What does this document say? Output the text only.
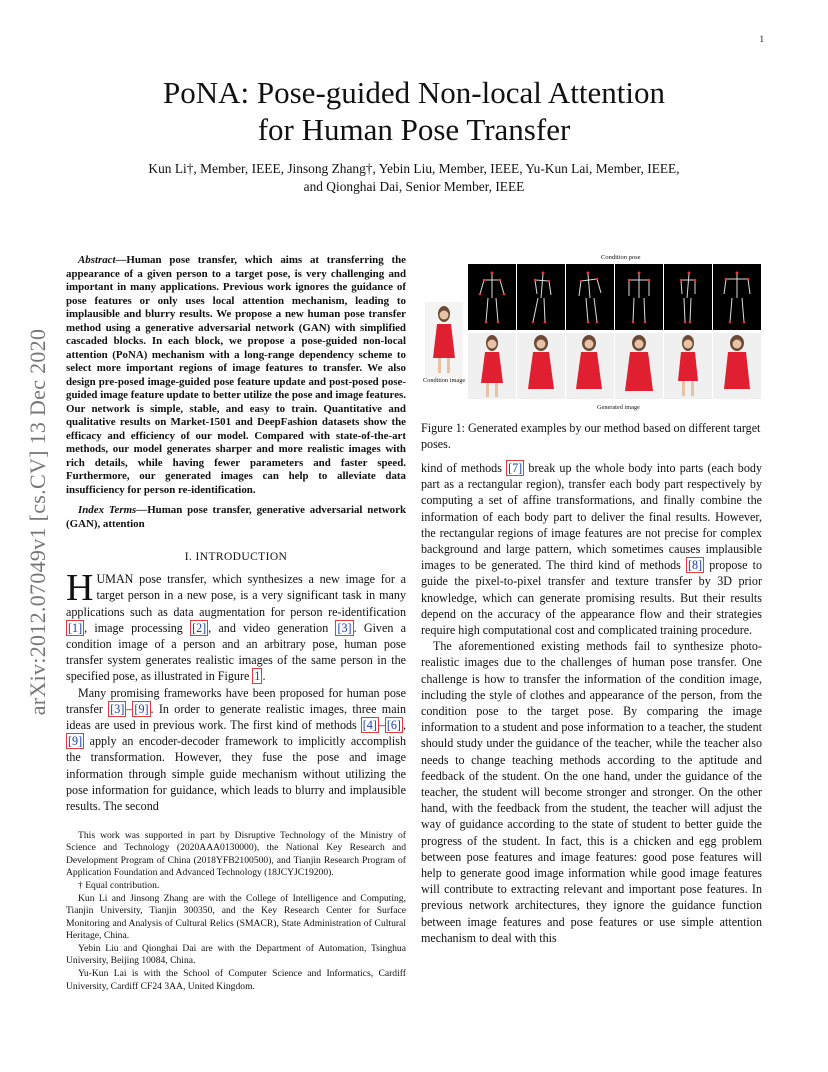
1
arXiv:2012.07049v1 [cs.CV] 13 Dec 2020
PoNA: Pose-guided Non-local Attention
for Human Pose Transfer
Kun Li†, Member, IEEE, Jinsong Zhang†, Yebin Liu, Member, IEEE, Yu-Kun Lai, Member, IEEE,
and Qionghai Dai, Senior Member, IEEE

Abstract—Human pose transfer, which aims at transferring the appearance of a given person to a target pose, is very challenging and important in many applications. Previous work ignores the guidance of pose features or only uses local attention mechanism, leading to implausible and blurry results. We propose a new human pose transfer method using a generative adversarial network (GAN) with simplified cascaded blocks. In each block, we propose a pose-guided non-local attention (PoNA) mechanism with a long-range dependency scheme to select more important regions of image features to transfer. We also design pre-posed image-guided pose feature update and post-posed pose-guided image feature update to better utilize the pose and image features. Our network is simple, stable, and easy to train. Quantitative and qualitative results on Market-1501 and DeepFashion datasets show the efficacy and efficiency of our model. Compared with state-of-the-art methods, our model generates sharper and more realistic images with rich details, while having fewer parameters and faster speed. Furthermore, our generated images can help to alleviate data insufficiency for person re-identification.

Index Terms—Human pose transfer, generative adversarial network (GAN), attention

I. INTRODUCTION

HUMAN pose transfer, which synthesizes a new image for a target person in a new pose, is a very significant task in many applications such as data augmentation for person re-identification [1] , image processing [2] , and video generation [3] . Given a condition image of a person and an arbitrary pose, human pose transfer system generates realistic images of the same person in the specified pose, as illustrated in Figure 1 .

Many promising frameworks have been proposed for human pose transfer [3] – [9] . In order to generate realistic images, three main ideas are used in previous work. The first kind of methods [4] – [6] , [9] apply an encoder-decoder framework to implicitly accomplish the transformation. However, they fuse the pose and image information through simple guide mechanism without utilizing the pose information for guidance, which leads to blurry and implausible results. The second

This work was supported in part by Disruptive Technology of the Ministry of Science and Technology (2020AAA0130000), the National Key Research and Development Program of China (2018YFB2100500), and Tianjin Research Program of Application Foundation and Advanced Technology (18JCYJC19200).

† Equal contribution.

Kun Li and Jinsong Zhang are with the College of Intelligence and Computing, Tianjin University, Tianjin 300350, and the Key Research Center for Surface Monitoring and Analysis of Cultural Relics (SMACR), State Administration of Cultural Heritage, China.

Yebin Liu and Qionghai Dai are with the Department of Automation, Tsinghua University, Beijing 10084, China.

Yu-Kun Lai is with the School of Computer Science and Informatics, Cardiff University, Cardiff CF24 3AA, United Kingdom.

Condition pose
Condition image
Generated image
Figure 1: Generated examples by our method based on different target poses.

kind of methods [7] break up the whole body into parts (each body part as a rectangular region), transfer each body part respectively by computing a set of affine transformations, and finally combine the information of each body part to deliver the final results. However, the rectangular regions of image features are not precise for complex background and large pattern, which sometimes causes implausible images to be generated. The third kind of methods [8] propose to guide the pixel-to-pixel transfer and texture transfer by 3D prior knowledge, which can generate promising results. But their results depend on the accuracy of the appearance flow and their strategies require high computational cost and complicated training procedure.

The aforementioned existing methods fail to synthesize photo-realistic images due to the challenges of human pose transfer. One challenge is how to transfer the information of the condition image, including the style of clothes and appearance of the person, from the condition pose to the target pose. By comparing the image information to a student and pose information to a teacher, the student should study under the guidance of the teacher, while the teacher also needs to change teaching methods according to the aptitude and feedback of the student. On the one hand, under the guidance of the teacher, the student will become stronger and stronger. On the other hand, with the feedback from the student, the teacher will adjust the way of guidance according to the state of student to better guide the progress of the student. In fact, this is a chicken and egg problem between pose features and image features: good pose features will help to generate good image information while good image features will contribute to extracting relevant and important pose features. In previous network architectures, they ignore the guidance function between image features and pose features or use simple attention mechanism to deal with this
